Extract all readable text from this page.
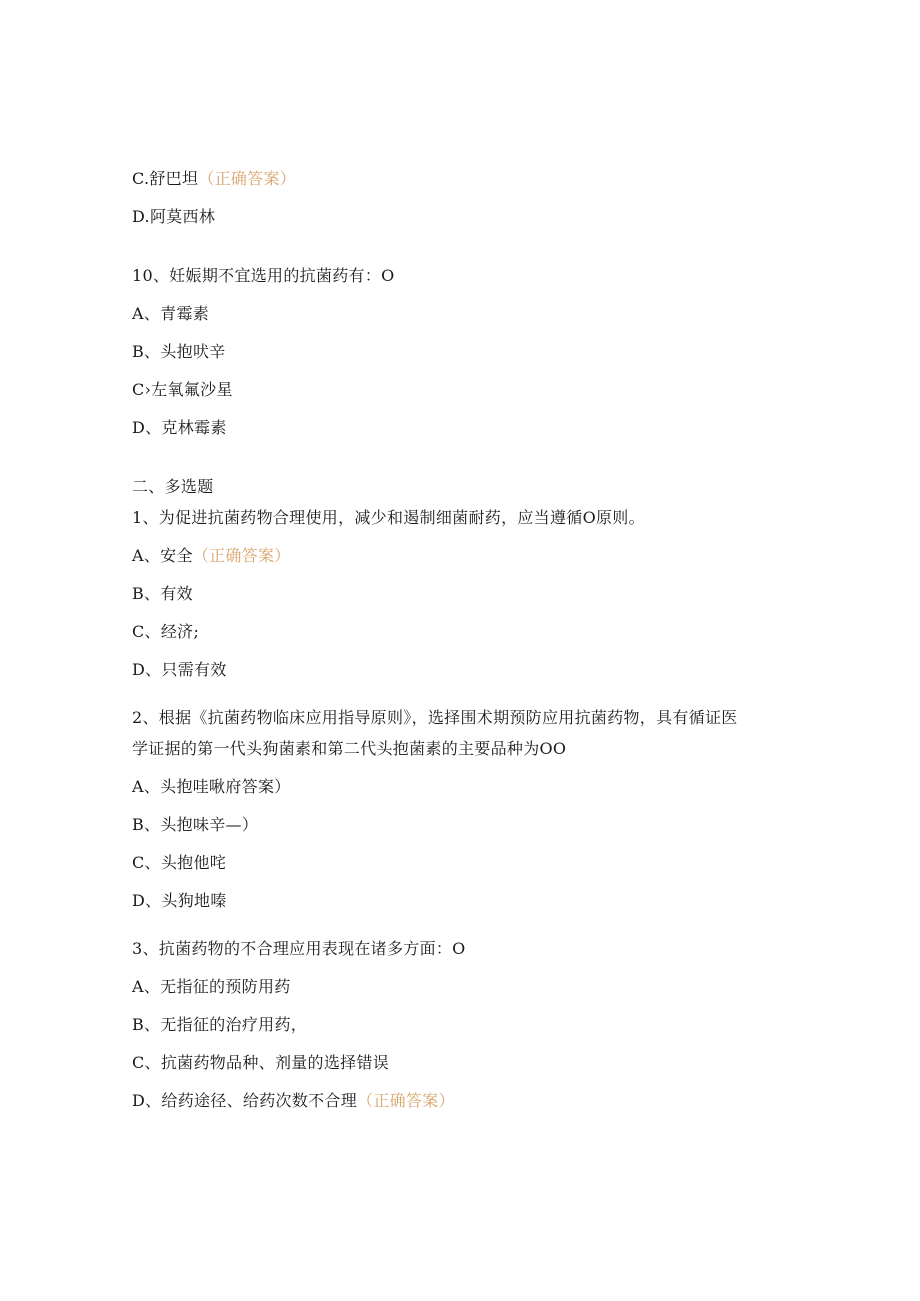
C.舒巴坦（正确答案）
D.阿莫西林
10、妊娠期不宜选用的抗菌药有：O
A、青霉素
B、头抱吠辛
C›左氧氟沙星
D、克林霉素
二、多选题
1、为促进抗菌药物合理使用，减少和遏制细菌耐药，应当遵循O原则。
A、安全（正确答案）
B、有效
C、经济;
D、只需有效
2、根据《抗菌药物临床应用指导原则》，选择围术期预防应用抗菌药物，具有循证医
学证据的第一代头狗菌素和第二代头抱菌素的主要品种为OO
A、头抱哇啾府答案）
B、头抱味辛—）
C、头抱他咤
D、头狗地嗪
3、抗菌药物的不合理应用表现在诸多方面：O
A、无指征的预防用药
B、无指征的治疗用药，
C、抗菌药物品种、剂量的选择错误
D、给药途径、给药次数不合理（正确答案）
